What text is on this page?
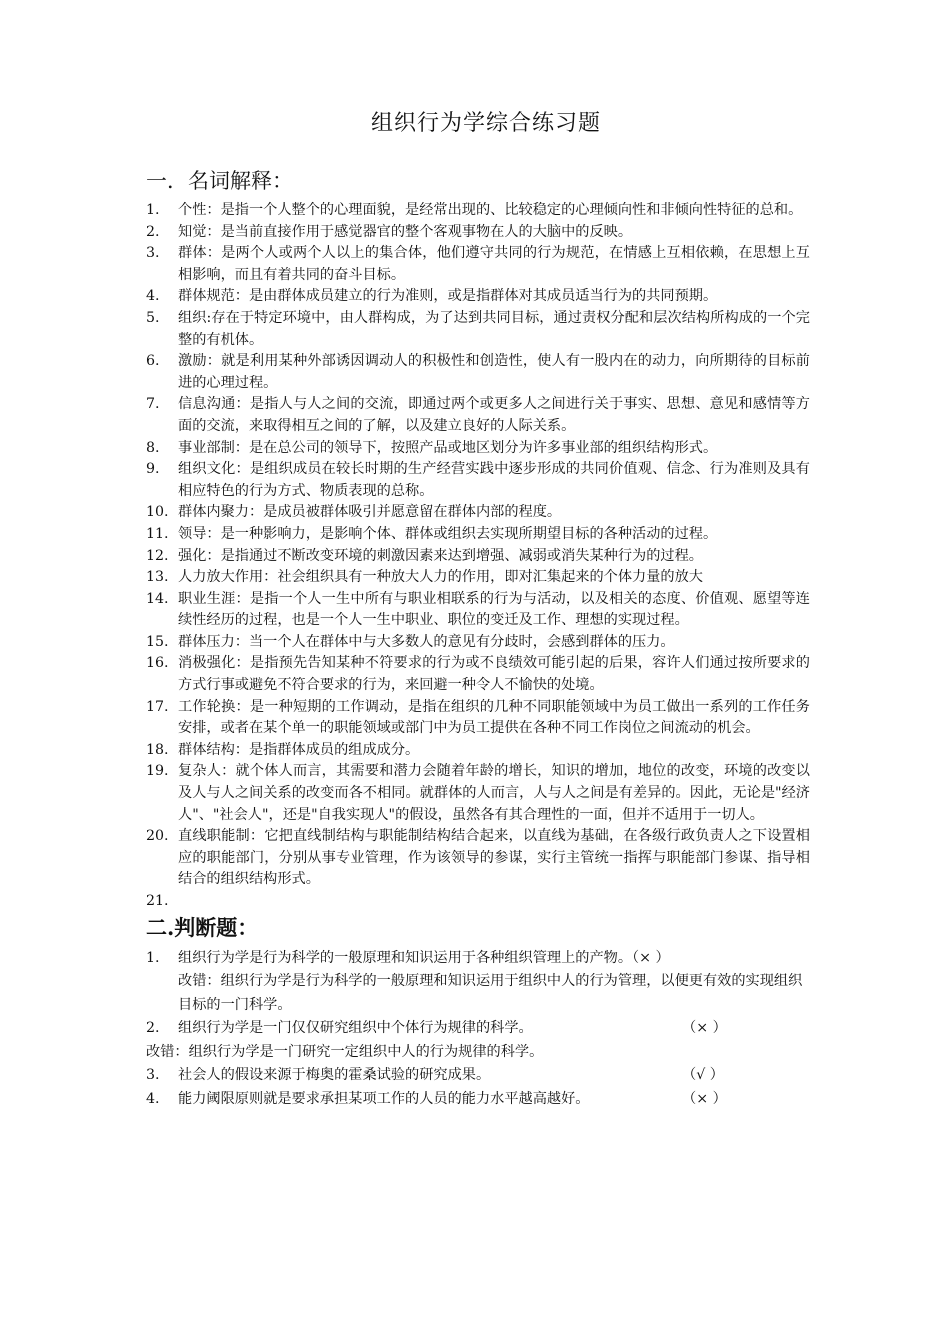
组织行为学综合练习题
一．名词解释：
1.	个性：是指一个人整个的心理面貌，是经常出现的、比较稳定的心理倾向性和非倾向性特征的总和。
2.	知觉：是当前直接作用于感觉器官的整个客观事物在人的大脑中的反映。
3.	群体：是两个人或两个人以上的集合体，他们遵守共同的行为规范，在情感上互相依赖，在思想上互相影响，而且有着共同的奋斗目标。
4.	群体规范：是由群体成员建立的行为准则，或是指群体对其成员适当行为的共同预期。
5.	组织:存在于特定环境中，由人群构成，为了达到共同目标，通过责权分配和层次结构所构成的一个完整的有机体。
6.	激励：就是利用某种外部诱因调动人的积极性和创造性，使人有一股内在的动力，向所期待的目标前进的心理过程。
7.	信息沟通：是指人与人之间的交流，即通过两个或更多人之间进行关于事实、思想、意见和感情等方面的交流，来取得相互之间的了解，以及建立良好的人际关系。
8.	事业部制：是在总公司的领导下，按照产品或地区划分为许多事业部的组织结构形式。
9.	组织文化：是组织成员在较长时期的生产经营实践中逐步形成的共同价值观、信念、行为准则及具有相应特色的行为方式、物质表现的总称。
10. 群体内聚力：是成员被群体吸引并愿意留在群体内部的程度。
11. 领导：是一种影响力，是影响个体、群体或组织去实现所期望目标的各种活动的过程。
12. 强化：是指通过不断改变环境的刺激因素来达到增强、减弱或消失某种行为的过程。
13. 人力放大作用：社会组织具有一种放大人力的作用，即对汇集起来的个体力量的放大
14. 职业生涯：是指一个人一生中所有与职业相联系的行为与活动，以及相关的态度、价值观、愿望等连续性经历的过程，也是一个人一生中职业、职位的变迁及工作、理想的实现过程。
15. 群体压力：当一个人在群体中与大多数人的意见有分歧时，会感到群体的压力。
16. 消极强化：是指预先告知某种不符要求的行为或不良绩效可能引起的后果，容许人们通过按所要求的方式行事或避免不符合要求的行为，来回避一种令人不愉快的处境。
17. 工作轮换：是一种短期的工作调动，是指在组织的几种不同职能领域中为员工做出一系列的工作任务安排，或者在某个单一的职能领域或部门中为员工提供在各种不同工作岗位之间流动的机会。
18. 群体结构：是指群体成员的组成成分。
19. 复杂人：就个体人而言，其需要和潜力会随着年龄的增长，知识的增加，地位的改变，环境的改变以及人与人之间关系的改变而各不相同。就群体的人而言，人与人之间是有差异的。因此，无论是"经济人"、"社会人"，还是"自我实现人"的假设，虽然各有其合理性的一面，但并不适用于一切人。
20. 直线职能制：它把直线制结构与职能制结构结合起来，以直线为基础，在各级行政负责人之下设置相应的职能部门，分别从事专业管理，作为该领导的参谋，实行主管统一指挥与职能部门参谋、指导相结合的组织结构形式。
21.
二.判断题：
1.	组织行为学是行为科学的一般原理和知识运用于各种组织管理上的产物。（× ）
改错：组织行为学是行为科学的一般原理和知识运用于组织中人的行为管理，以便更有效的实现组织目标的一门科学。
2.	组织行为学是一门仅仅研究组织中个体行为规律的科学。	（× ）
改错：组织行为学是一门研究一定组织中人的行为规律的科学。
3.	社会人的假设来源于梅奥的霍桑试验的研究成果。	（√ ）
4.	能力阈限原则就是要求承担某项工作的人员的能力水平越高越好。	（× ）
